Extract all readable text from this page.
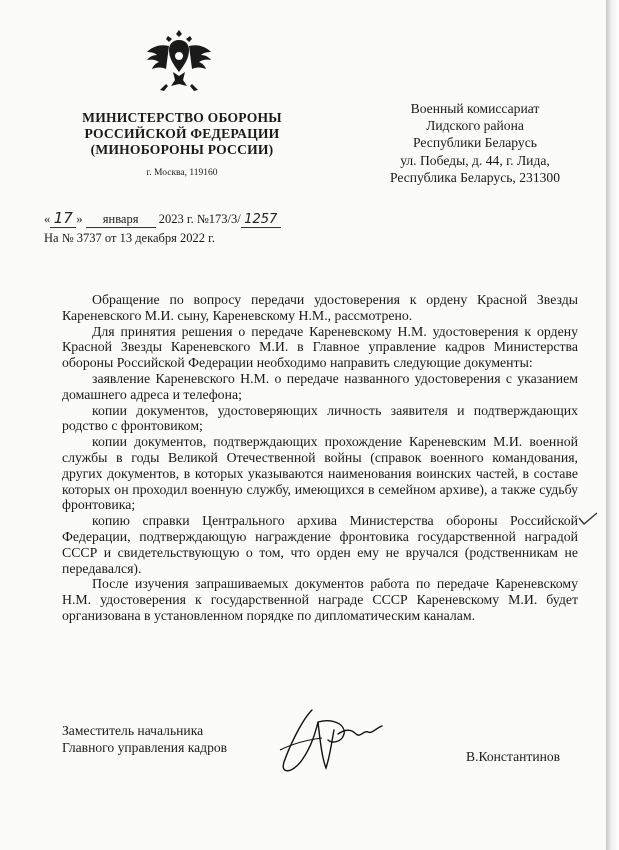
МИНИСТЕРСТВО ОБОРОНЫ
РОССИЙСКОЙ ФЕДЕРАЦИИ
(МИНОБОРОНЫ РОССИИ)
г. Москва, 119160
Военный комиссариат
Лидского района
Республики Беларусь
ул. Победы, д. 44, г. Лида,
Республика Беларусь, 231300
« 17 » января 2023 г. №173/3/ 1257
На № 3737 от 13 декабря 2022 г.

Обращение по вопросу передачи удостоверения к ордену Красной Звезды Кареневского М.И. сыну, Кареневскому Н.М., рассмотрено.

Для принятия решения о передаче Кареневскому Н.М. удостоверения к ордену Красной Звезды Кареневского М.И. в Главное управление кадров Министерства обороны Российской Федерации необходимо направить следующие документы:

заявление Кареневского Н.М. о передаче названного удостоверения с указанием домашнего адреса и телефона;

копии документов, удостоверяющих личность заявителя и подтверждающих родство с фронтовиком;

копии документов, подтверждающих прохождение Кареневским М.И. военной службы в годы Великой Отечественной войны (справок военного командования, других документов, в которых указываются наименования воинских частей, в составе которых он проходил военную службу, имеющихся в семейном архиве), а также судьбу фронтовика;

копию справки Центрального архива Министерства обороны Российской Федерации, подтверждающую награждение фронтовика государственной наградой СССР и свидетельствующую о том, что орден ему не вручался (родственникам не передавался).

После изучения запрашиваемых документов работа по передаче Кареневскому Н.М. удостоверения к государственной награде СССР Кареневскому М.И. будет организована в установленном порядке по дипломатическим каналам.

Заместитель начальника
Главного управления кадров
В.Константинов
